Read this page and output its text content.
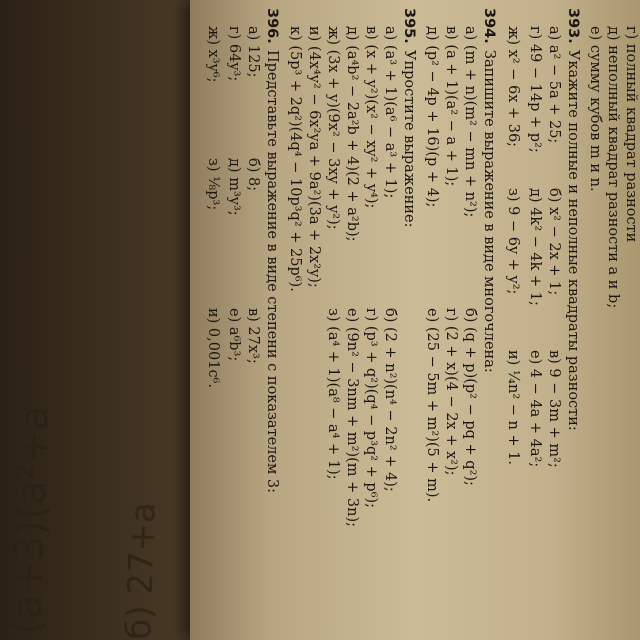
(a+3)(a²+a б) 27+a
г) полный квадрат разности
д) неполный квадрат разности a и b;
е) сумму кубов m и n.
393.
Укажите полные и неполные квадраты разности:
а) a² − 5a + 25;
б) x² − 2x + 1;
в) 9 − 3m + m²;
г) 49 − 14p + p²;
д) 4k² − 4k + 1;
е) 4 − 4a + 4a²;
ж) x² − 6x + 36;
з) 9 − 6y + y²;
и) ¼n² − n + 1.
394.
Запишите выражение в виде многочлена:
а) (m + n)(m² − mn + n²);
б) (q + p)(p² − pq + q²);
в) (a + 1)(a² − a + 1);
г) (2 + x)(4 − 2x + x²);
д) (p² − 4p + 16)(p + 4);
е) (25 − 5m + m²)(5 + m).
395.
Упростите выражение:
а) (a³ + 1)(a⁶ − a³ + 1);
б) (2 + n²)(n⁴ − 2n² + 4);
в) (x + y²)(x² − xy² + y⁴);
г) (p³ + q²)(q⁴ − p³q² + p⁶);
д) (a⁴b² − 2a²b + 4)(2 + a²b);
е) (9n² − 3nm + m²)(m + 3n);
ж) (3x + y)(9x² − 3xy + y²);
з) (a⁴ + 1)(a⁸ − a⁴ + 1);
и) (4x⁴y² − 6x²ya + 9a²)(3a + 2x²y);
к) (5p³ + 2q²)(4q⁴ − 10p³q² + 25p⁶).
396.
Представьте выражение в виде степени с показателем 3:
а) 125;
б) 8;
в) 27x³;
г) 64y³;
д) m³y³;
е) a⁶b³;
ж) x³y⁶;
з) ⅛p³;
и) 0,001c⁶.
